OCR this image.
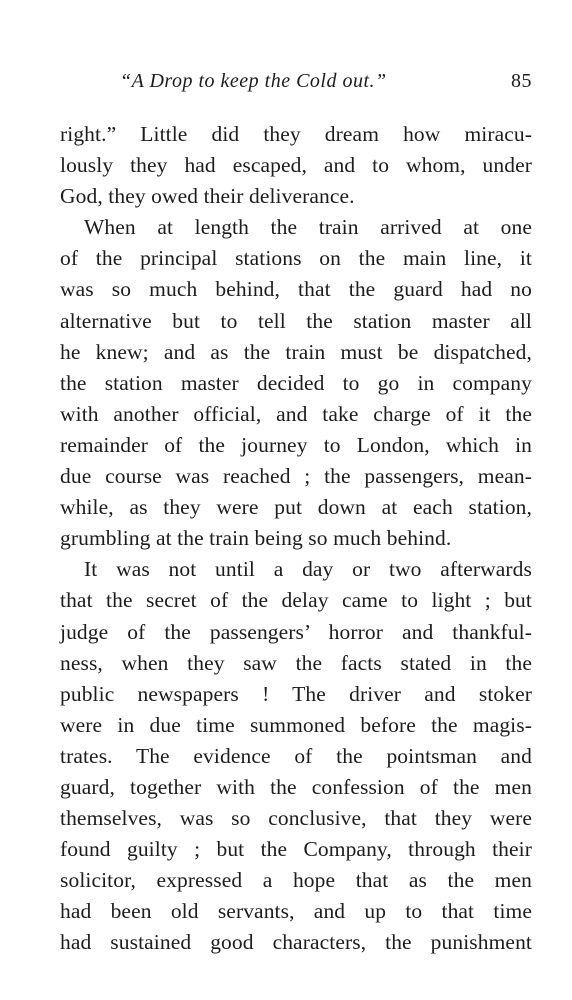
“A Drop to keep the Cold out.”	85
right.” Little did they dream how miracu-
lously they had escaped, and to whom, under
God, they owed their deliverance.
When at length the train arrived at one
of the principal stations on the main line, it
was so much behind, that the guard had no
alternative but to tell the station master all
he knew; and as the train must be dispatched,
the station master decided to go in company
with another official, and take charge of it the
remainder of the journey to London, which in
due course was reached ; the passengers, mean-
while, as they were put down at each station,
grumbling at the train being so much behind.
It was not until a day or two afterwards
that the secret of the delay came to light ; but
judge of the passengers’ horror and thankful-
ness, when they saw the facts stated in the
public newspapers ! The driver and stoker
were in due time summoned before the magis-
trates. The evidence of the pointsman and
guard, together with the confession of the men
themselves, was so conclusive, that they were
found guilty ; but the Company, through their
solicitor, expressed a hope that as the men
had been old servants, and up to that time
had sustained good characters, the punishment
